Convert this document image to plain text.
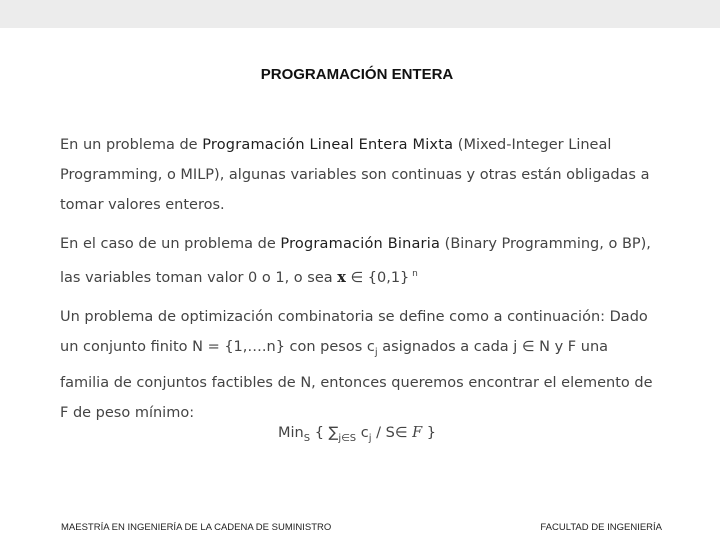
PROGRAMACIÓN ENTERA

En un problema de Programación Lineal Entera Mixta (Mixed-Integer Lineal Programming, o MILP), algunas variables son continuas y otras están obligadas a tomar valores enteros.

En el caso de un problema de Programación Binaria (Binary Programming, o BP), las variables toman valor 0 o 1, o sea x ∈ {0,1} $^n$

Un problema de optimización combinatoria se define como a continuación: Dado un conjunto finito N = {1,….n} con pesos $c_j$ asignados a cada j ∈ N y F una familia de conjuntos factibles de N, entonces queremos encontrar el elemento de F de peso mínimo:

Min$_S$ { $\sum_{j\in S}$ $c_j$ / S∈ F }
MAESTRÍA EN INGENIERÍA DE LA CADENA DE SUMINISTRO	FACULTAD DE INGENIERÍA
